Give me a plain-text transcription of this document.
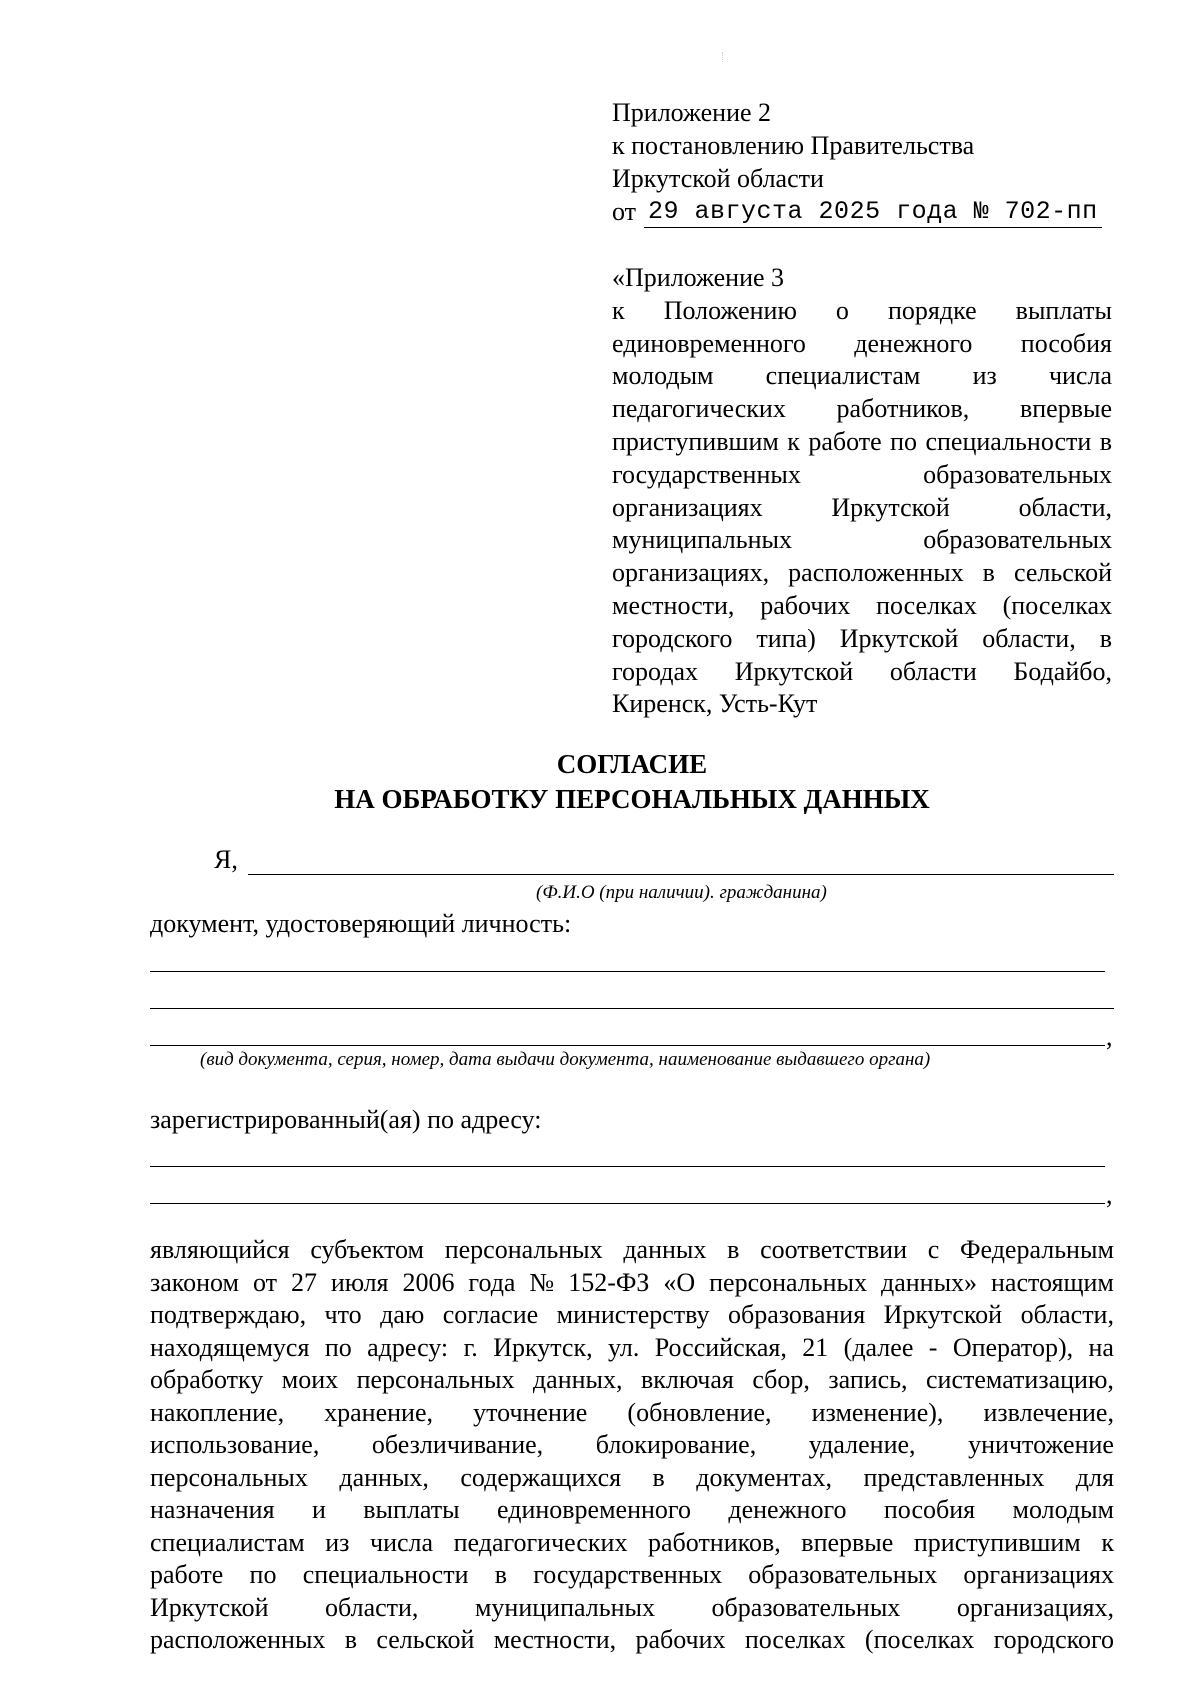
Приложение 2
к постановлению Правительства
Иркутской области
от 29 августа 2025 года № 702-пп
«Приложение 3
к Положению о порядке выплаты единовременного денежного пособия молодым специалистам из числа педагогических работников, впервые приступившим к работе по специальности в государственных образовательных организациях Иркутской области, муниципальных образовательных организациях, расположенных в сельской местности, рабочих поселках (поселках городского типа) Иркутской области, в городах Иркутской области Бодайбо, Киренск, Усть-Кут
СОГЛАСИЕ
НА ОБРАБОТКУ ПЕРСОНАЛЬНЫХ ДАННЫХ
Я,
(Ф.И.О (при наличии). гражданина)
документ, удостоверяющий личность:
,
(вид документа, серия, номер, дата выдачи документа, наименование выдавшего органа)
зарегистрированный(ая) по адресу:
,
являющийся субъектом персональных данных в соответствии с Федеральным
законом от 27 июля 2006 года № 152-ФЗ «О персональных данных» настоящим
подтверждаю, что даю согласие министерству образования Иркутской области,
находящемуся по адресу: г. Иркутск, ул. Российская, 21 (далее - Оператор), на
обработку моих персональных данных, включая сбор, запись, систематизацию,
накопление, хранение, уточнение (обновление, изменение), извлечение,
использование, обезличивание, блокирование, удаление, уничтожение
персональных данных, содержащихся в документах, представленных для
назначения и выплаты единовременного денежного пособия молодым
специалистам из числа педагогических работников, впервые приступившим к
работе по специальности в государственных образовательных организациях
Иркутской области, муниципальных образовательных организациях,
расположенных в сельской местности, рабочих поселках (поселках городского
